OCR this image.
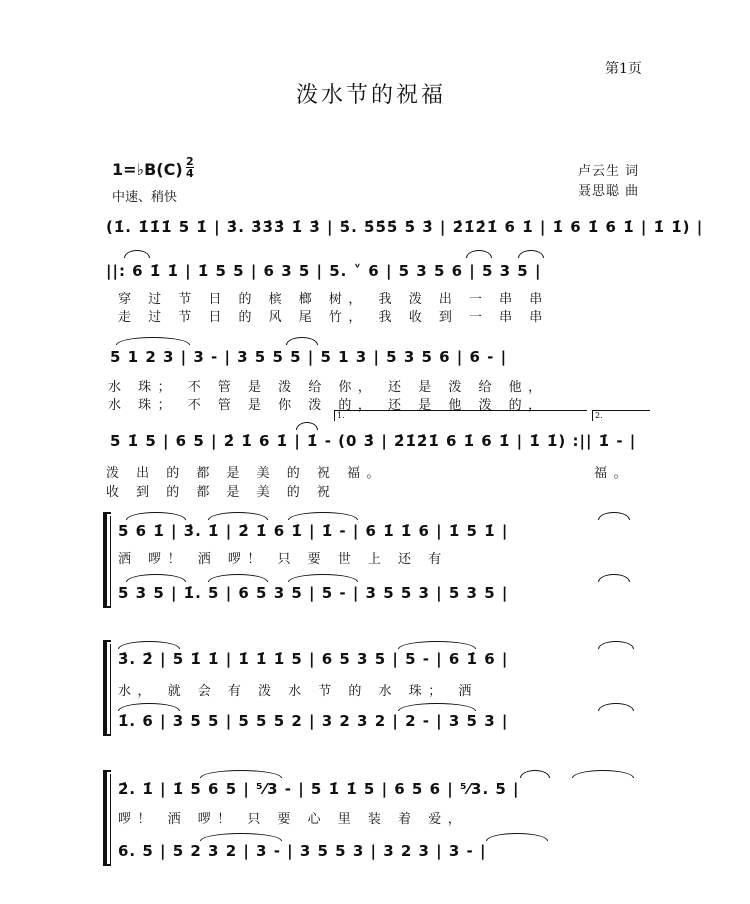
第1页
泼水节的祝福
1=♭B(C) 2
4
中速、稍快
卢云生 词
聂思聪 曲
(1̇. 1̇1̇1̇ 5 1̇ | 3̇. 3̇3̇3̇ 1̇ 3̇ | 5̇. 5̇5̇5̇ 5̇ 3̇ | 2̇1̇2̇1̇ 6 1̇ | 1̇ 6 1̇ 6 1̇ | 1̇ 1̇) |
||: 6 1̇ 1̇ | 1̇ 5 5 | 6 3 5 | 5. ˅ 6 | 5 3 5 6 | 5 3 5 |
穿 过 节 日 的 槟 榔 树， 我 泼 出 一 串 串
走 过 节 日 的 风 尾 竹， 我 收 到 一 串 串
5 1 2 3 | 3 - | 3 5 5 5 | 5 1 3 | 5 3 5 6 | 6 - |
水 珠； 不 管 是 泼 给 你， 还 是 泼 给 他，
水 珠； 不 管 是 你 泼 的， 还 是 他 泼 的，
1.	2.
5 1̇ 5 | 6 5 | 2̇ 1̇ 6 1̇ | 1̇ - (0 3̇ | 2̇1̇2̇1̇ 6 1̇ 6 1̇ | 1̇ 1̇) :|| 1̇ - |
泼 出 的 都 是 美 的 祝 福。	福。
收 到 的 都 是 美 的 祝
5 6 1̇ | 3̇. 1̇ | 2̇ 1̇ 6 1̇ | 1̇ - | 6 1̇ 1̇ 6 | 1̇ 5 1̇ |
洒 啰！ 洒 啰！ 只 要 世 上 还 有
5 3 5 | 1̇. 5 | 6 5 3 5 | 5 - | 3 5 5 3 | 5 3 5 |
3̇. 2̇ | 5 1̇ 1̇ | 1̇ 1̇ 1̇ 5 | 6 5 3 5 | 5 - | 6 1̇ 6 |
水， 就 会 有 泼 水 节 的 水 珠； 洒
1̇. 6 | 3 5 5 | 5 5 5 2 | 3 2 3 2 | 2 - | 3 5 3 |
2̇. 1̇ | 1̇ 5 6 5 | ⁵⁄3 - | 5 1̇ 1̇ 5 | 6 5 6 | ⁵⁄3. 5 |
啰！ 洒 啰！ 只 要 心 里 装 着 爱，
6. 5 | 5 2 3 2 | 3 - | 3 5 5 3 | 3 2 3 | 3 - |
